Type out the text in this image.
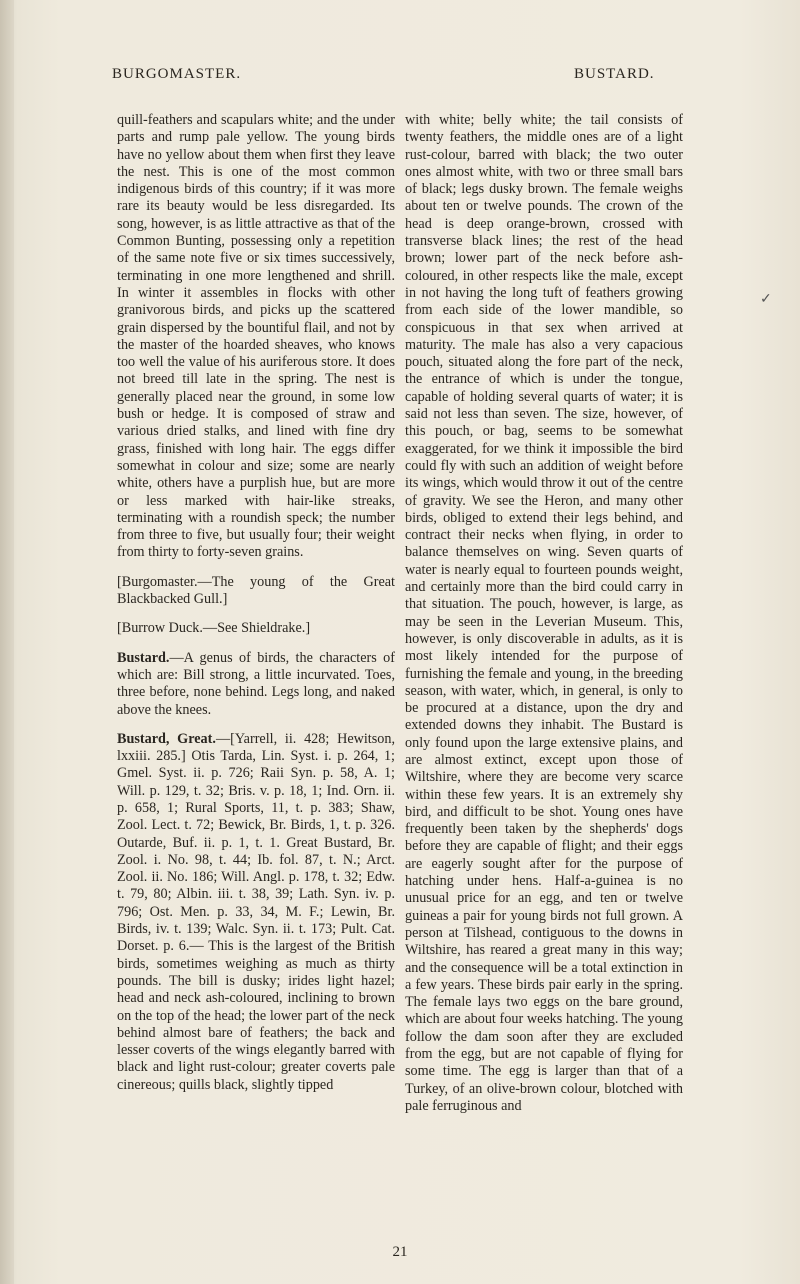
BURGOMASTER.	BUSTARD.

quill-feathers and scapulars white; and the under parts and rump pale yellow. The young birds have no yellow about them when first they leave the nest. This is one of the most common indigenous birds of this country; if it was more rare its beauty would be less disregarded. Its song, however, is as little attractive as that of the Common Bunting, possessing only a repetition of the same note five or six times successively, terminating in one more lengthened and shrill. In winter it assembles in flocks with other granivorous birds, and picks up the scattered grain dispersed by the bountiful flail, and not by the master of the hoarded sheaves, who knows too well the value of his auriferous store. It does not breed till late in the spring. The nest is generally placed near the ground, in some low bush or hedge. It is composed of straw and various dried stalks, and lined with fine dry grass, finished with long hair. The eggs differ somewhat in colour and size; some are nearly white, others have a purplish hue, but are more or less marked with hair-like streaks, terminating with a roundish speck; the number from three to five, but usually four; their weight from thirty to forty-seven grains.

[Burgomaster.—The young of the Great Blackbacked Gull.]

[Burrow Duck.—See Shieldrake.]

Bustard.—A genus of birds, the characters of which are: Bill strong, a little incurvated. Toes, three before, none behind. Legs long, and naked above the knees.

Bustard, Great.—[Yarrell, ii. 428; Hewitson, lxxiii. 285.] Otis Tarda, Lin. Syst. i. p. 264, 1; Gmel. Syst. ii. p. 726; Raii Syn. p. 58, A. 1; Will. p. 129, t. 32; Bris. v. p. 18, 1; Ind. Orn. ii. p. 658, 1; Rural Sports, 11, t. p. 383; Shaw, Zool. Lect. t. 72; Bewick, Br. Birds, 1, t. p. 326. Outarde, Buf. ii. p. 1, t. 1. Great Bustard, Br. Zool. i. No. 98, t. 44; Ib. fol. 87, t. N.; Arct. Zool. ii. No. 186; Will. Angl. p. 178, t. 32; Edw. t. 79, 80; Albin. iii. t. 38, 39; Lath. Syn. iv. p. 796; Ost. Men. p. 33, 34, M. F.; Lewin, Br. Birds, iv. t. 139; Walc. Syn. ii. t. 173; Pult. Cat. Dorset. p. 6.— This is the largest of the British birds, sometimes weighing as much as thirty pounds. The bill is dusky; irides light hazel; head and neck ash-coloured, inclining to brown on the top of the head; the lower part of the neck behind almost bare of feathers; the back and lesser coverts of the wings elegantly barred with black and light rust-colour; greater coverts pale cinereous; quills black, slightly tipped

with white; belly white; the tail consists of twenty feathers, the middle ones are of a light rust-colour, barred with black; the two outer ones almost white, with two or three small bars of black; legs dusky brown. The female weighs about ten or twelve pounds. The crown of the head is deep orange-brown, crossed with transverse black lines; the rest of the head brown; lower part of the neck before ash-coloured, in other respects like the male, except in not having the long tuft of feathers growing from each side of the lower mandible, so conspicuous in that sex when arrived at maturity. The male has also a very capacious pouch, situated along the fore part of the neck, the entrance of which is under the tongue, capable of holding several quarts of water; it is said not less than seven. The size, however, of this pouch, or bag, seems to be somewhat exaggerated, for we think it impossible the bird could fly with such an addition of weight before its wings, which would throw it out of the centre of gravity. We see the Heron, and many other birds, obliged to extend their legs behind, and contract their necks when flying, in order to balance themselves on wing. Seven quarts of water is nearly equal to fourteen pounds weight, and certainly more than the bird could carry in that situation. The pouch, however, is large, as may be seen in the Leverian Museum. This, however, is only discoverable in adults, as it is most likely intended for the purpose of furnishing the female and young, in the breeding season, with water, which, in general, is only to be procured at a distance, upon the dry and extended downs they inhabit. The Bustard is only found upon the large extensive plains, and are almost extinct, except upon those of Wiltshire, where they are become very scarce within these few years. It is an extremely shy bird, and difficult to be shot. Young ones have frequently been taken by the shepherds' dogs before they are capable of flight; and their eggs are eagerly sought after for the purpose of hatching under hens. Half-a-guinea is no unusual price for an egg, and ten or twelve guineas a pair for young birds not full grown. A person at Tilshead, contiguous to the downs in Wiltshire, has reared a great many in this way; and the consequence will be a total extinction in a few years. These birds pair early in the spring. The female lays two eggs on the bare ground, which are about four weeks hatching. The young follow the dam soon after they are excluded from the egg, but are not capable of flying for some time. The egg is larger than that of a Turkey, of an olive-brown colour, blotched with pale ferruginous and

✓
21
